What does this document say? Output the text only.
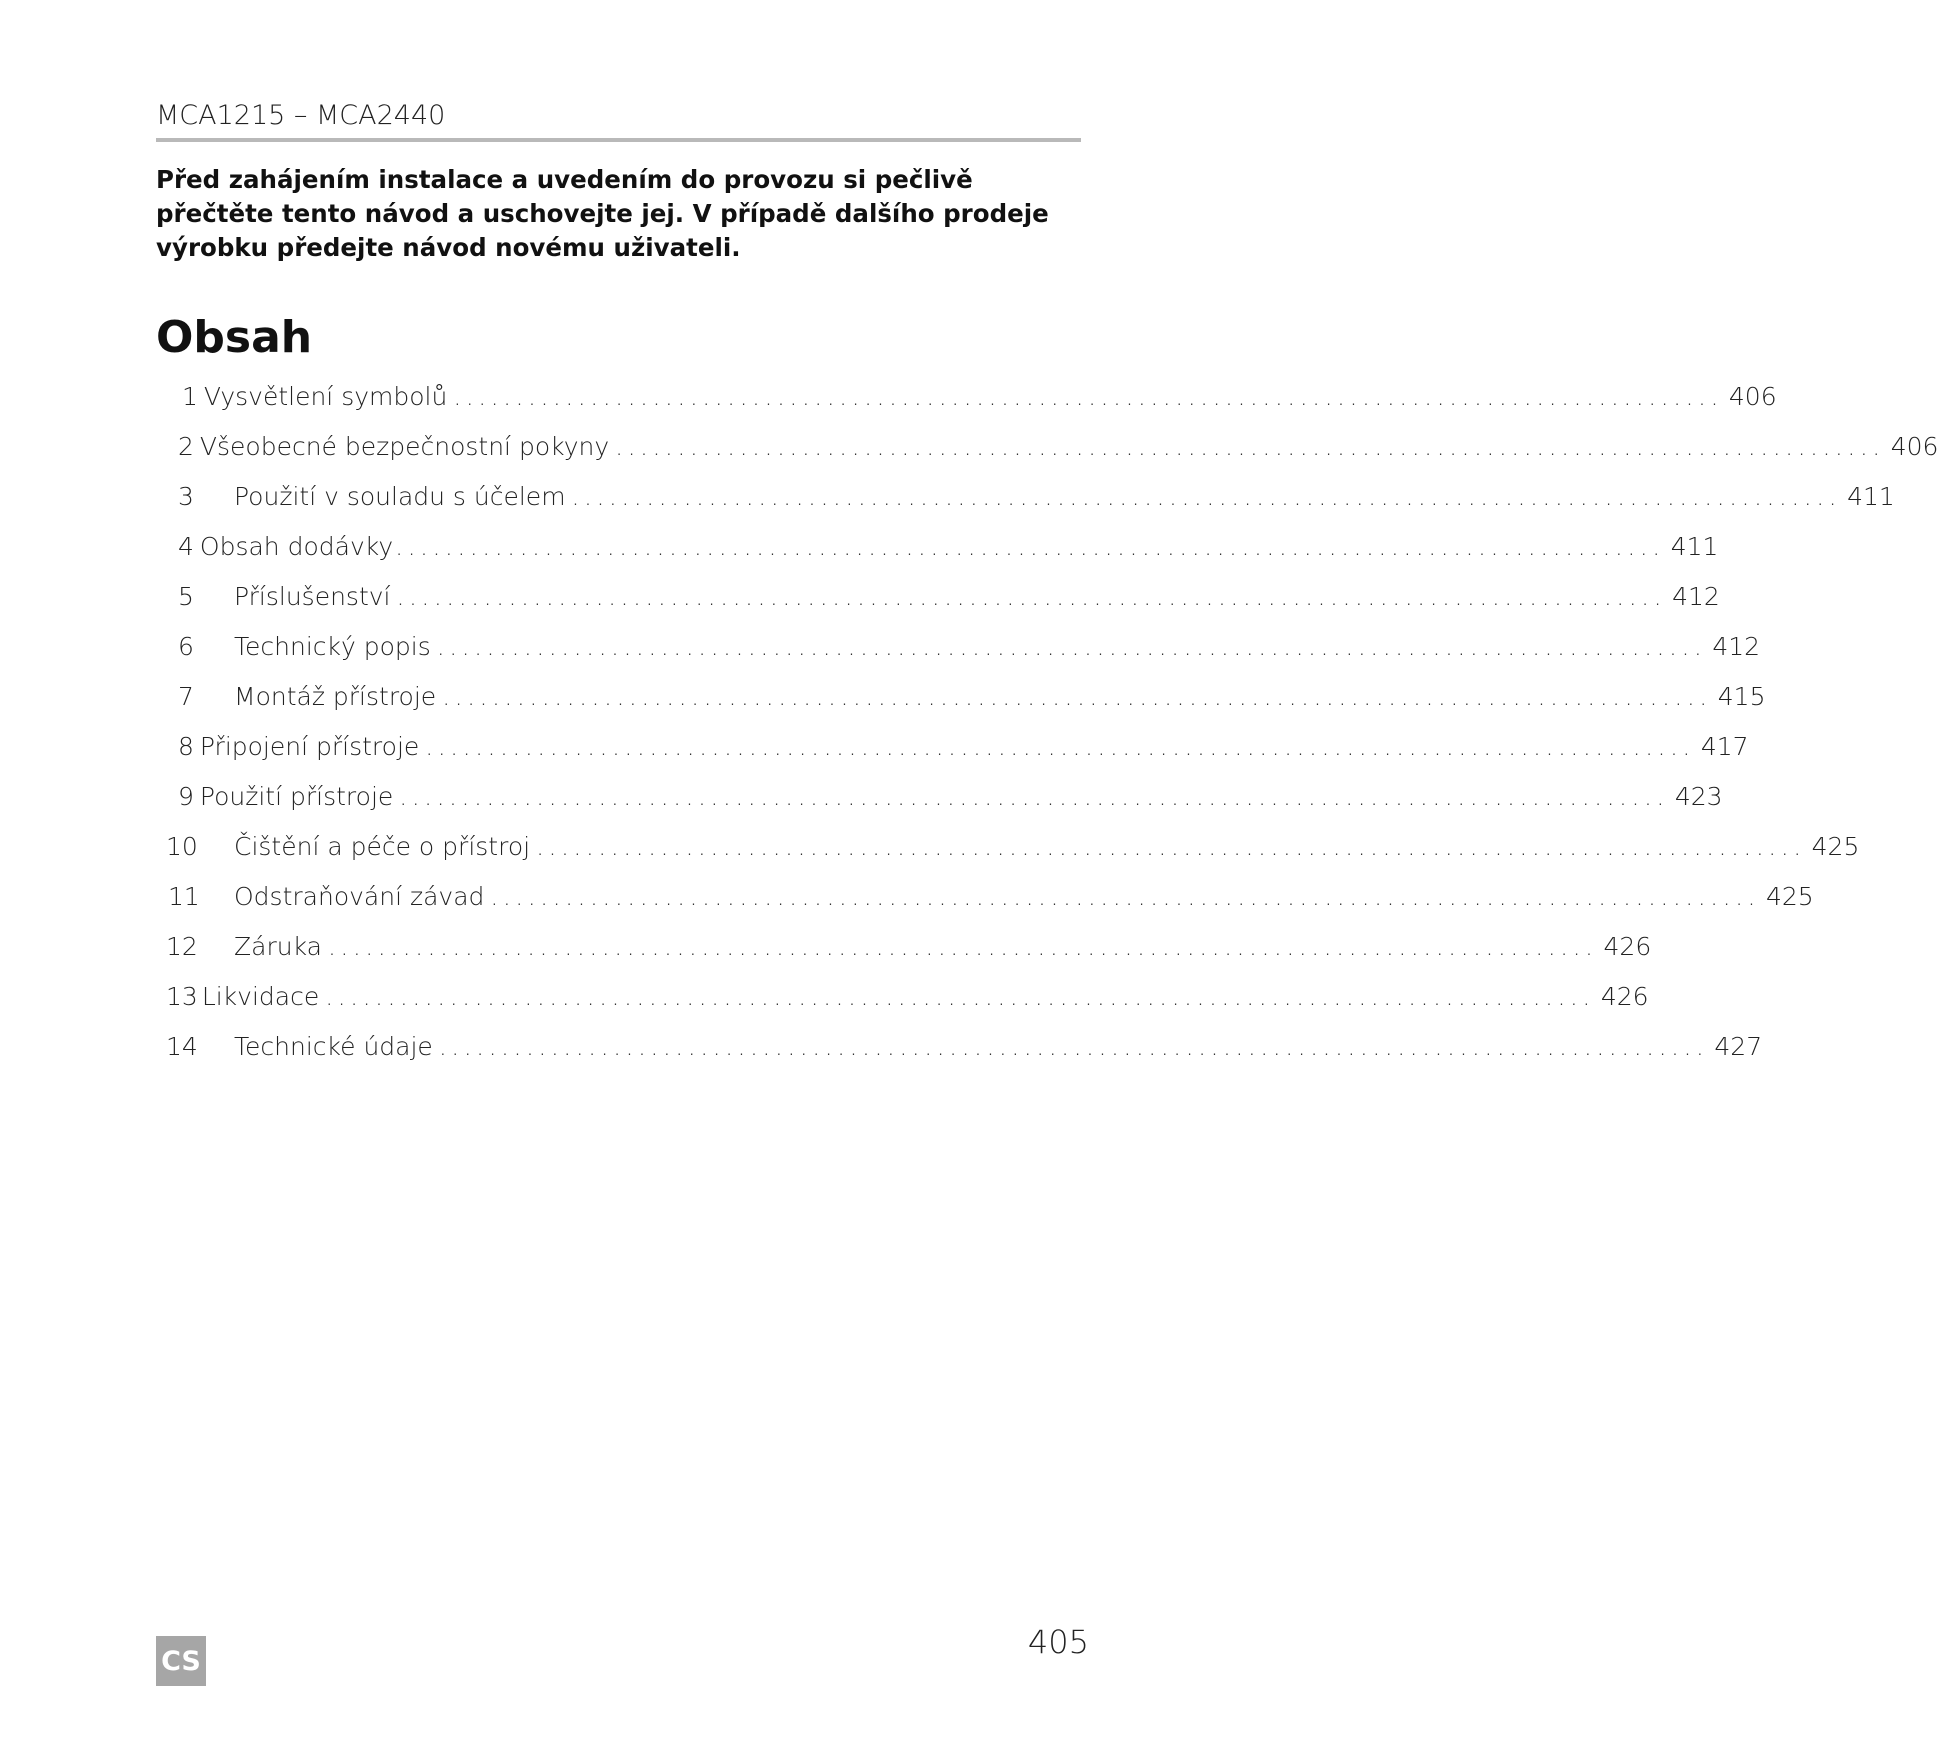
MCA1215 – MCA2440
Před zahájením instalace a uvedením do provozu si pečlivě přečtěte tento návod a uschovejte jej. V případě dalšího prodeje výrobku předejte návod novému uživateli.
Obsah
1 Vysvětlení symbolů ...................................................................................................... 406
2 Všeobecné bezpečnostní pokyny ...................................................................................................... 406
3	Použití v souladu s účelem ...................................................................................................... 411
4 Obsah dodávky ...................................................................................................... 411
5	Příslušenství ...................................................................................................... 412
6	Technický popis ...................................................................................................... 412
7	Montáž přístroje ...................................................................................................... 415
8 Připojení přístroje ...................................................................................................... 417
9 Použití přístroje ...................................................................................................... 423
10	Čištění a péče o přístroj ...................................................................................................... 425
11	Odstraňování závad ...................................................................................................... 425
12	Záruka ...................................................................................................... 426
13 Likvidace ...................................................................................................... 426
14	Technické údaje ...................................................................................................... 427
CS	405
